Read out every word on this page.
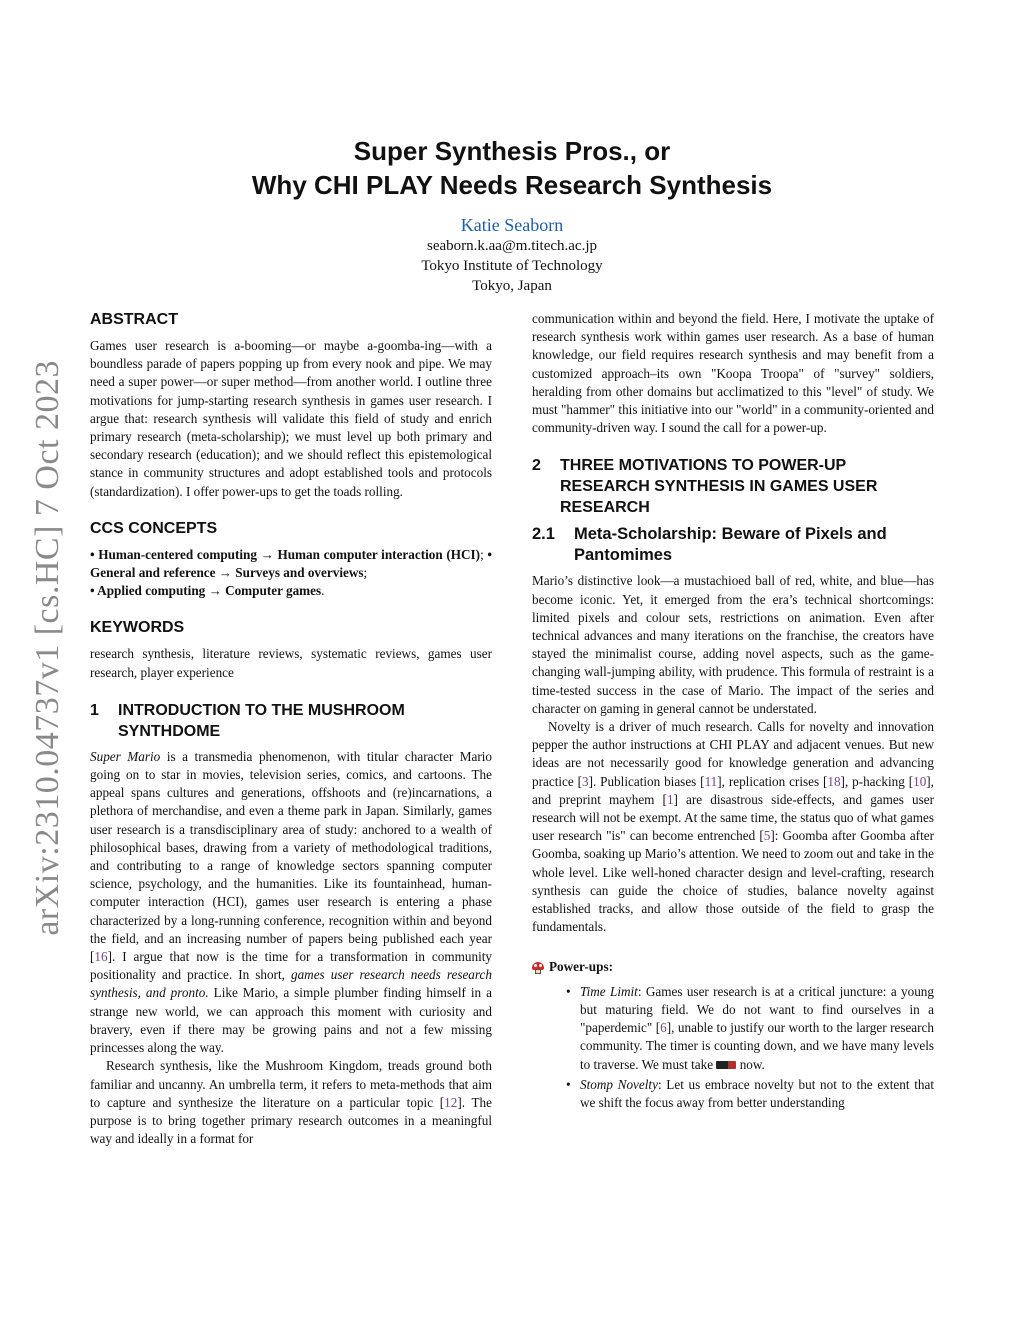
arXiv:2310.04737v1 [cs.HC] 7 Oct 2023
Super Synthesis Pros., or
Why CHI PLAY Needs Research Synthesis
Katie Seaborn
seaborn.k.aa@m.titech.ac.jp
Tokyo Institute of Technology
Tokyo, Japan
ABSTRACT

Games user research is a-booming—or maybe a-goomba-ing—with a boundless parade of papers popping up from every nook and pipe. We may need a super power—or super method—from another world. I outline three motivations for jump-starting research synthesis in games user research. I argue that: research synthesis will validate this field of study and enrich primary research (meta-scholarship); we must level up both primary and secondary research (education); and we should reflect this epistemological stance in community structures and adopt established tools and protocols (standardization). I offer power-ups to get the toads rolling.

CCS CONCEPTS

• Human-centered computing → Human computer interaction (HCI); • General and reference → Surveys and overviews;
• Applied computing → Computer games.

KEYWORDS

research synthesis, literature reviews, systematic reviews, games user research, player experience

1	INTRODUCTION TO THE MUSHROOM SYNTHDOME

Super Mario is a transmedia phenomenon, with titular character Mario going on to star in movies, television series, comics, and cartoons. The appeal spans cultures and generations, offshoots and (re)incarnations, a plethora of merchandise, and even a theme park in Japan. Similarly, games user research is a transdisciplinary area of study: anchored to a wealth of philosophical bases, drawing from a variety of methodological traditions, and contributing to a range of knowledge sectors spanning computer science, psychology, and the humanities. Like its fountainhead, human-computer interaction (HCI), games user research is entering a phase characterized by a long-running conference, recognition within and beyond the field, and an increasing number of papers being published each year [16]. I argue that now is the time for a transformation in community positionality and practice. In short, games user research needs research synthesis, and pronto. Like Mario, a simple plumber finding himself in a strange new world, we can approach this moment with curiosity and bravery, even if there may be growing pains and not a few missing princesses along the way.

Research synthesis, like the Mushroom Kingdom, treads ground both familiar and uncanny. An umbrella term, it refers to meta-methods that aim to capture and synthesize the literature on a particular topic [12]. The purpose is to bring together primary research outcomes in a meaningful way and ideally in a format for

communication within and beyond the field. Here, I motivate the uptake of research synthesis work within games user research. As a base of human knowledge, our field requires research synthesis and may benefit from a customized approach–its own "Koopa Troopa" of "survey" soldiers, heralding from other domains but acclimatized to this "level" of study. We must "hammer" this initiative into our "world" in a community-oriented and community-driven way. I sound the call for a power-up.

2	THREE MOTIVATIONS TO POWER-UP RESEARCH SYNTHESIS IN GAMES USER RESEARCH
2.1	Meta-Scholarship: Beware of Pixels and Pantomimes

Mario’s distinctive look—a mustachioed ball of red, white, and blue—has become iconic. Yet, it emerged from the era’s technical shortcomings: limited pixels and colour sets, restrictions on animation. Even after technical advances and many iterations on the franchise, the creators have stayed the minimalist course, adding novel aspects, such as the game-changing wall-jumping ability, with prudence. This formula of restraint is a time-tested success in the case of Mario. The impact of the series and character on gaming in general cannot be understated.

Novelty is a driver of much research. Calls for novelty and innovation pepper the author instructions at CHI PLAY and adjacent venues. But new ideas are not necessarily good for knowledge generation and advancing practice [3]. Publication biases [11], replication crises [18], p-hacking [10], and preprint mayhem [1] are disastrous side-effects, and games user research will not be exempt. At the same time, the status quo of what games user research "is" can become entrenched [5]: Goomba after Goomba after Goomba, soaking up Mario’s attention. We need to zoom out and take in the whole level. Like well-honed character design and level-crafting, research synthesis can guide the choice of studies, balance novelty against established tracks, and allow those outside of the field to grasp the fundamentals.

Power-ups:
• Time Limit: Games user research is at a critical juncture: a young but maturing field. We do not want to find ourselves in a "paperdemic" [6], unable to justify our worth to the larger research community. The timer is counting down, and we have many levels to traverse. We must take  now.
• Stomp Novelty: Let us embrace novelty but not to the extent that we shift the focus away from better understanding
